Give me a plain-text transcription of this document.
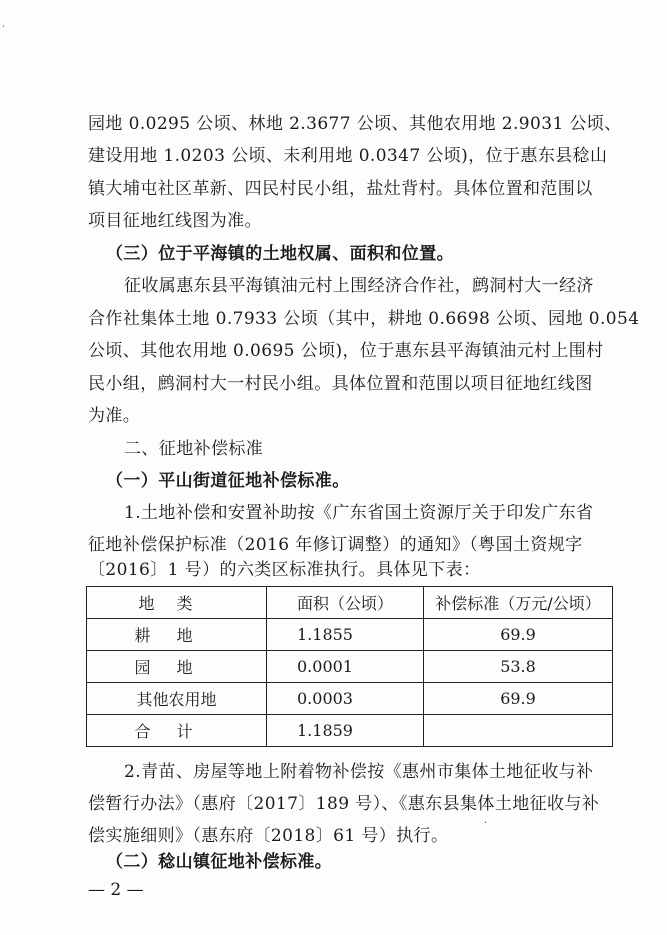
,
园地 0.0295 公顷、林地 2.3677 公顷、其他农用地 2.9031 公顷、
建设用地 1.0203 公顷、未利用地 0.0347 公顷)，位于惠东县稔山
镇大埔屯社区革新、四民村民小组，盐灶背村。具体位置和范围以
项目征地红线图为准。
（三）位于平海镇的土地权属、面积和位置。
征收属惠东县平海镇油元村上围经济合作社，鹧洞村大一经济
合作社集体土地 0.7933 公顷（其中，耕地 0.6698 公顷、园地 0.054
公顷、其他农用地 0.0695 公顷)，位于惠东县平海镇油元村上围村
民小组，鹧洞村大一村民小组。具体位置和范围以项目征地红线图
为准。
二、征地补偿标准
（一）平山街道征地补偿标准。
1.土地补偿和安置补助按《广东省国土资源厅关于印发广东省
征地补偿保护标准（2016 年修订调整）的通知》（粤国土资规字
〔2016〕1 号）的六类区标准执行。具体见下表：
地类	面积（公顷）	补偿标准（万元/公顷）
耕地	1.1855	69.9
园地	0.0001	53.8
其他农用地	0.0003	69.9
合计	1.1859	
2.青苗、房屋等地上附着物补偿按《惠州市集体土地征收与补
偿暂行办法》（惠府〔2017〕189 号）、《惠东县集体土地征收与补
偿实施细则》（惠东府〔2018〕61 号）执行。
·
（二）稔山镇征地补偿标准。
— 2 —
